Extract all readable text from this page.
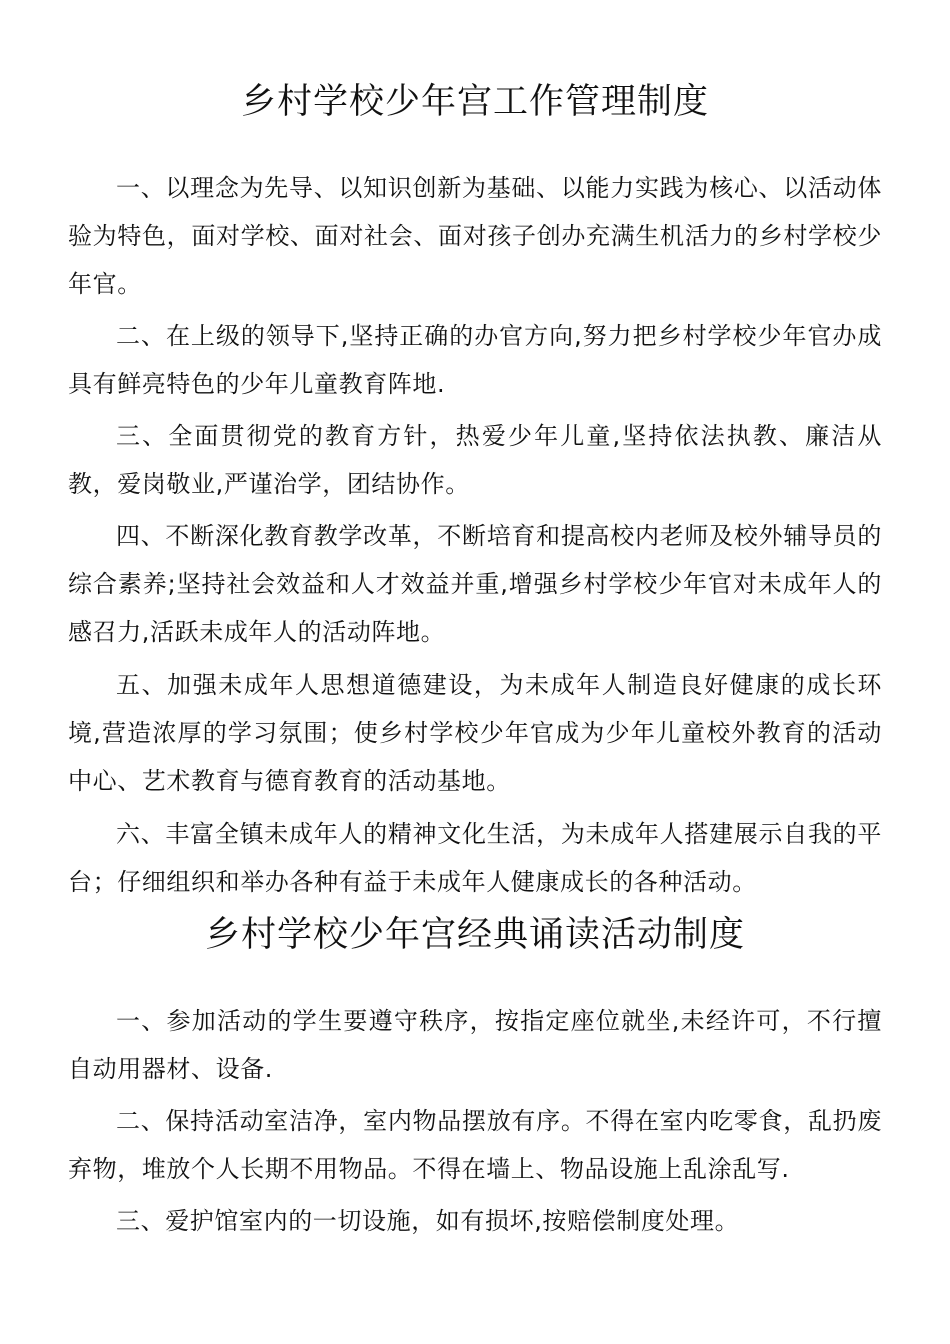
乡村学校少年宫工作管理制度

一、以理念为先导、以知识创新为基础、以能力实践为核心、以活动体验为特色，面对学校、面对社会、面对孩子创办充满生机活力的乡村学校少年官。

二、在上级的领导下,坚持正确的办官方向,努力把乡村学校少年官办成具有鲜亮特色的少年儿童教育阵地.

三、全面贯彻党的教育方针，热爱少年儿童,坚持依法执教、廉洁从教，爱岗敬业,严谨治学，团结协作。

四、不断深化教育教学改革，不断培育和提高校内老师及校外辅导员的综合素养;坚持社会效益和人才效益并重,增强乡村学校少年官对未成年人的感召力,活跃未成年人的活动阵地。

五、加强未成年人思想道德建设，为未成年人制造良好健康的成长环境,营造浓厚的学习氛围；使乡村学校少年官成为少年儿童校外教育的活动中心、艺术教育与德育教育的活动基地。

六、丰富全镇未成年人的精神文化生活，为未成年人搭建展示自我的平台；仔细组织和举办各种有益于未成年人健康成长的各种活动。

乡村学校少年宫经典诵读活动制度

一、参加活动的学生要遵守秩序，按指定座位就坐,未经许可，不行擅自动用器材、设备.

二、保持活动室洁净，室内物品摆放有序。不得在室内吃零食，乱扔废弃物，堆放个人长期不用物品。不得在墙上、物品设施上乱涂乱写.

三、爱护馆室内的一切设施，如有损坏,按赔偿制度处理。
